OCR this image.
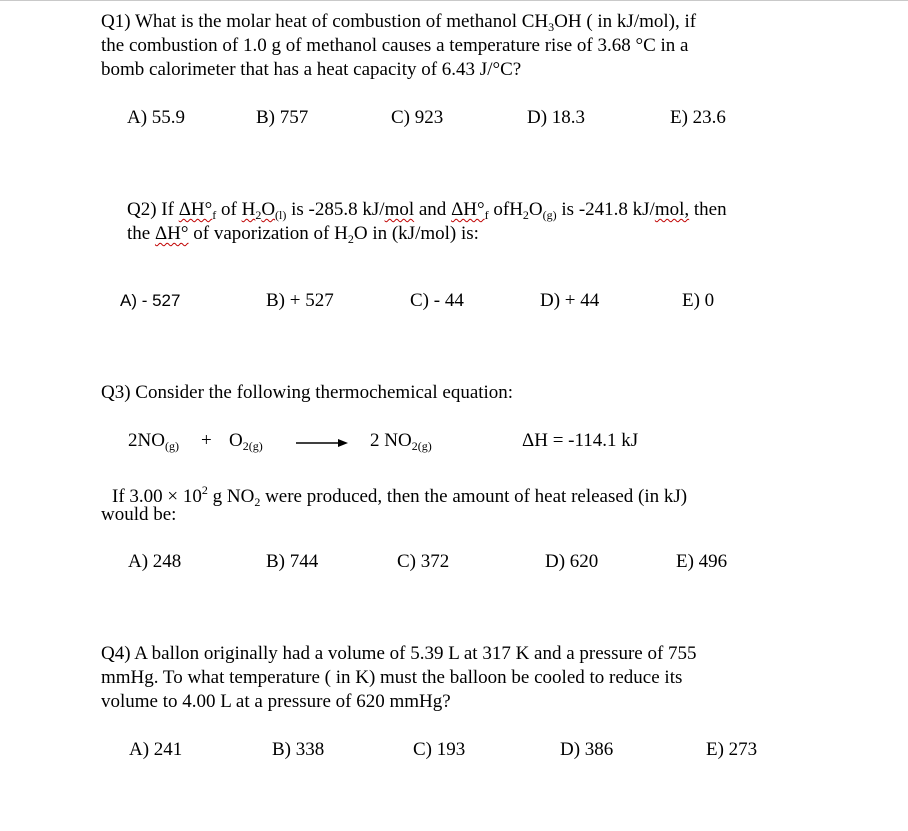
Q1) What is the molar heat of combustion of methanol $CH_3OH$ ( in kJ/mol), if
the combustion of 1.0 g of methanol causes a temperature rise of 3.68 °C in a
bomb calorimeter that has a heat capacity of 6.43 J/°C?
A) 55.9	B) 757	C) 923	D) 18.3	E) 23.6
Q2) If $\Delta H^\circ_f$ of $H_2O_{(l)}$ is -285.8 kJ/mol and $\Delta H^\circ_f$ $ofH_2O_{(g)}$ is -241.8 kJ/mol, then
the ΔH° of vaporization of $H_2O$ in (kJ/mol) is:
A) - 527	B) + 527	C) - 44	D) + 44	E) 0
Q3) Consider the following thermochemical equation:
$2NO_{(g)} + O_{2(g)} \to 2$ $NO_{2(g)}$	ΔH = -114.1 kJ
If $3.00 \times 10^2$ g $NO_2$ were produced, then the amount of heat released (in kJ)
would be:
A) 248	B) 744	C) 372	D) 620	E) 496
Q4) A ballon originally had a volume of 5.39 L at 317 K and a pressure of 755
mmHg. To what temperature ( in K) must the balloon be cooled to reduce its
volume to 4.00 L at a pressure of 620 mmHg?
A) 241	B) 338	C) 193	D) 386	E) 273
